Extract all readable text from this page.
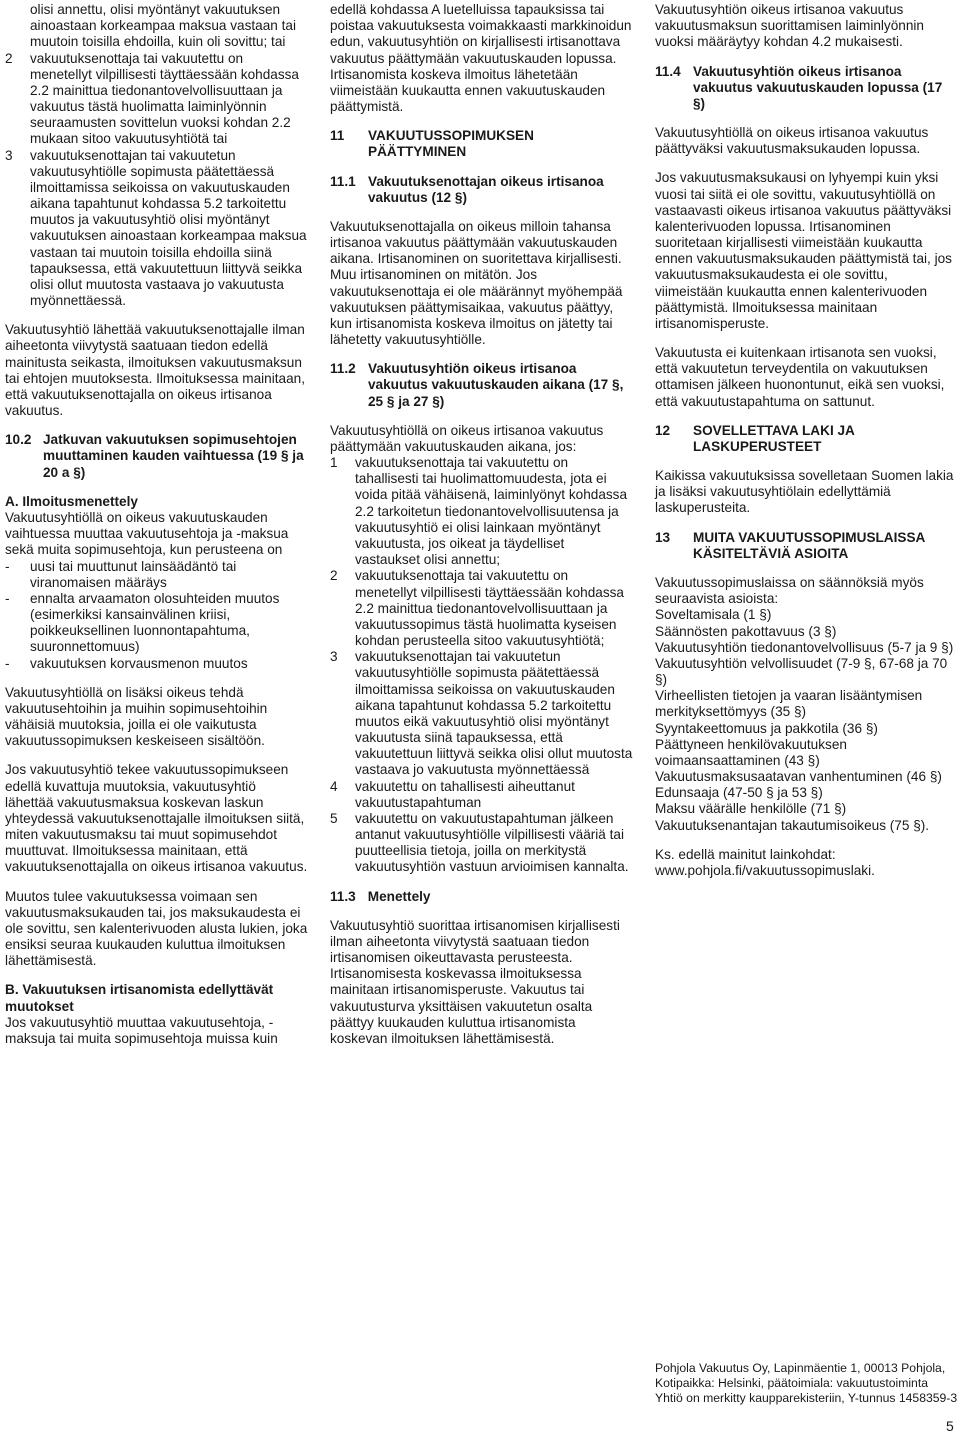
olisi annettu, olisi myöntänyt vakuutuksen ainoastaan korkeampaa maksua vastaan tai muutoin toisilla ehdoilla, kuin oli sovittu; tai
2	vakuutuksenottaja tai vakuutettu on menetellyt vilpillisesti täyttäessään kohdassa 2.2 mainittua tiedonantovelvollisuuttaan ja vakuutus tästä huolimatta laiminlyönnin seuraamusten sovittelun vuoksi kohdan 2.2 mukaan sitoo vakuutusyhtiötä tai
3	vakuutuksenottajan tai vakuutetun vakuutusyhtiölle sopimusta päätettäessä ilmoittamissa seikoissa on vakuutuskauden aikana tapahtunut kohdassa 5.2 tarkoitettu muutos ja vakuutusyhtiö olisi myöntänyt vakuutuksen ainoastaan korkeampaa maksua vastaan tai muutoin toisilla ehdoilla siinä tapauksessa, että vakuutettuun liittyvä seikka olisi ollut muutosta vastaava jo vakuutusta myönnettäessä.

Vakuutusyhtiö lähettää vakuutuksenottajalle ilman aiheetonta viivytystä saatuaan tiedon edellä mainitusta seikasta, ilmoituksen vakuutusmaksun tai ehtojen muutoksesta. Ilmoituksessa mainitaan, että vakuutuksenottajalla on oikeus irtisanoa vakuutus.

10.2 Jatkuvan vakuutuksen sopimusehtojen muuttaminen kauden vaihtuessa (19 § ja 20 a §)
A. Ilmoitusmenettely

Vakuutusyhtiöllä on oikeus vakuutuskauden vaihtuessa muuttaa vakuutusehtoja ja -maksua sekä muita sopimusehtoja, kun perusteena on

-	uusi tai muuttunut lainsäädäntö tai viranomaisen määräys
-	ennalta arvaamaton olosuhteiden muutos (esimerkiksi kansainvälinen kriisi, poikkeuksellinen luonnontapahtuma, suuronnettomuus)
-	vakuutuksen korvausmenon muutos

Vakuutusyhtiöllä on lisäksi oikeus tehdä vakuutusehtoihin ja muihin sopimusehtoihin vähäisiä muutoksia, joilla ei ole vaikutusta vakuutussopimuksen keskeiseen sisältöön.

Jos vakuutusyhtiö tekee vakuutussopimukseen edellä kuvattuja muutoksia, vakuutusyhtiö lähettää vakuutusmaksua koskevan laskun yhteydessä vakuutuksenottajalle ilmoituksen siitä, miten vakuutusmaksu tai muut sopimusehdot muuttuvat. Ilmoituksessa mainitaan, että vakuutuksenottajalla on oikeus irtisanoa vakuutus.

Muutos tulee vakuutuksessa voimaan sen vakuutusmaksukauden tai, jos maksukaudesta ei ole sovittu, sen kalenterivuoden alusta lukien, joka ensiksi seuraa kuukauden kuluttua ilmoituksen lähettämisestä.

B. Vakuutuksen irtisanomista edellyttävät muutokset

Jos vakuutusyhtiö muuttaa vakuutusehtoja, -maksuja tai muita sopimusehtoja muissa kuin

edellä kohdassa A luetelluissa tapauksissa tai poistaa vakuutuksesta voimakkaasti markkinoidun edun, vakuutusyhtiön on kirjallisesti irtisanottava vakuutus päättymään vakuutuskauden lopussa. Irtisanomista koskeva ilmoitus lähetetään viimeistään kuukautta ennen vakuutuskauden päättymistä.

11	VAKUUTUSSOPIMUKSEN PÄÄTTYMINEN
11.1 Vakuutuksenottajan oikeus irtisanoa vakuutus (12 §)

Vakuutuksenottajalla on oikeus milloin tahansa irtisanoa vakuutus päättymään vakuutuskauden aikana. Irtisanominen on suoritettava kirjallisesti. Muu irtisanominen on mitätön. Jos vakuutuksenottaja ei ole määrännyt myöhempää vakuutuksen päättymisaikaa, vakuutus päättyy, kun irtisanomista koskeva ilmoitus on jätetty tai lähetetty vakuutusyhtiölle.

11.2 Vakuutusyhtiön oikeus irtisanoa vakuutus vakuutuskauden aikana (17 §, 25 § ja 27 §)

Vakuutusyhtiöllä on oikeus irtisanoa vakuutus päättymään vakuutuskauden aikana, jos:

1	vakuutuksenottaja tai vakuutettu on tahallisesti tai huolimattomuudesta, jota ei voida pitää vähäisenä, laiminlyönyt kohdassa 2.2 tarkoitetun tiedonantovelvollisuutensa ja vakuutusyhtiö ei olisi lainkaan myöntänyt vakuutusta, jos oikeat ja täydelliset vastaukset olisi annettu;
2	vakuutuksenottaja tai vakuutettu on menetellyt vilpillisesti täyttäessään kohdassa 2.2 mainittua tiedonantovelvollisuuttaan ja vakuutussopimus tästä huolimatta kyseisen kohdan perusteella sitoo vakuutusyhtiötä;
3	vakuutuksenottajan tai vakuutetun vakuutusyhtiölle sopimusta päätettäessä ilmoittamissa seikoissa on vakuutuskauden aikana tapahtunut kohdassa 5.2 tarkoitettu muutos eikä vakuutusyhtiö olisi myöntänyt vakuutusta siinä tapauksessa, että vakuutettuun liittyvä seikka olisi ollut muutosta vastaava jo vakuutusta myönnettäessä
4	vakuutettu on tahallisesti aiheuttanut vakuutustapahtuman
5	vakuutettu on vakuutustapahtuman jälkeen antanut vakuutusyhtiölle vilpillisesti vääriä tai puutteellisia tietoja, joilla on merkitystä vakuutusyhtiön vastuun arvioimisen kannalta.
11.3 Menettely

Vakuutusyhtiö suorittaa irtisanomisen kirjallisesti ilman aiheetonta viivytystä saatuaan tiedon irtisanomisen oikeuttavasta perusteesta. Irtisanomisesta koskevassa ilmoituksessa mainitaan irtisanomisperuste. Vakuutus tai vakuutusturva yksittäisen vakuutetun osalta päättyy kuukauden kuluttua irtisanomista koskevan ilmoituksen lähettämisestä.

Vakuutusyhtiön oikeus irtisanoa vakuutus vakuutusmaksun suorittamisen laiminlyönnin vuoksi määräytyy kohdan 4.2 mukaisesti.

11.4 Vakuutusyhtiön oikeus irtisanoa vakuutus vakuutuskauden lopussa (17 §)

Vakuutusyhtiöllä on oikeus irtisanoa vakuutus päättyväksi vakuutusmaksukauden lopussa.

Jos vakuutusmaksukausi on lyhyempi kuin yksi vuosi tai siitä ei ole sovittu, vakuutusyhtiöllä on vastaavasti oikeus irtisanoa vakuutus päättyväksi kalenterivuoden lopussa. Irtisanominen suoritetaan kirjallisesti viimeistään kuukautta ennen vakuutusmaksukauden päättymistä tai, jos vakuutusmaksukaudesta ei ole sovittu, viimeistään kuukautta ennen kalenterivuoden päättymistä. Ilmoituksessa mainitaan irtisanomisperuste.

Vakuutusta ei kuitenkaan irtisanota sen vuoksi, että vakuutetun terveydentila on vakuutuksen ottamisen jälkeen huonontunut, eikä sen vuoksi, että vakuutustapahtuma on sattunut.

12	SOVELLETTAVA LAKI JA LASKUPERUSTEET

Kaikissa vakuutuksissa sovelletaan Suomen lakia ja lisäksi vakuutusyhtiölain edellyttämiä laskuperusteita.

13	MUITA VAKUUTUSSOPIMUSLAISSA KÄSITELTÄVIÄ ASIOITA

Vakuutussopimuslaissa on säännöksiä myös seuraavista asioista:

Soveltamisala (1 §)
Säännösten pakottavuus (3 §)
Vakuutusyhtiön tiedonantovelvollisuus (5-7 ja 9 §)
Vakuutusyhtiön velvollisuudet (7-9 §, 67-68 ja 70 §)
Virheellisten tietojen ja vaaran lisääntymisen merkityksettömyys (35 §)
Syyntakeettomuus ja pakkotila (36 §)
Päättyneen henkilövakuutuksen voimaansaattaminen (43 §)
Vakuutusmaksusaatavan vanhentuminen (46 §)
Edunsaaja (47-50 § ja 53 §)
Maksu väärälle henkilölle (71 §)
Vakuutuksenantajan takautumisoikeus (75 §).

Ks. edellä mainitut lainkohdat: www.pohjola.fi/vakuutussopimuslaki.

Pohjola Vakuutus Oy, Lapinmäentie 1, 00013 Pohjola,
Kotipaikka: Helsinki, päätoimiala: vakuutustoiminta
Yhtiö on merkitty kaupparekisteriin, Y-tunnus 1458359-3
5
